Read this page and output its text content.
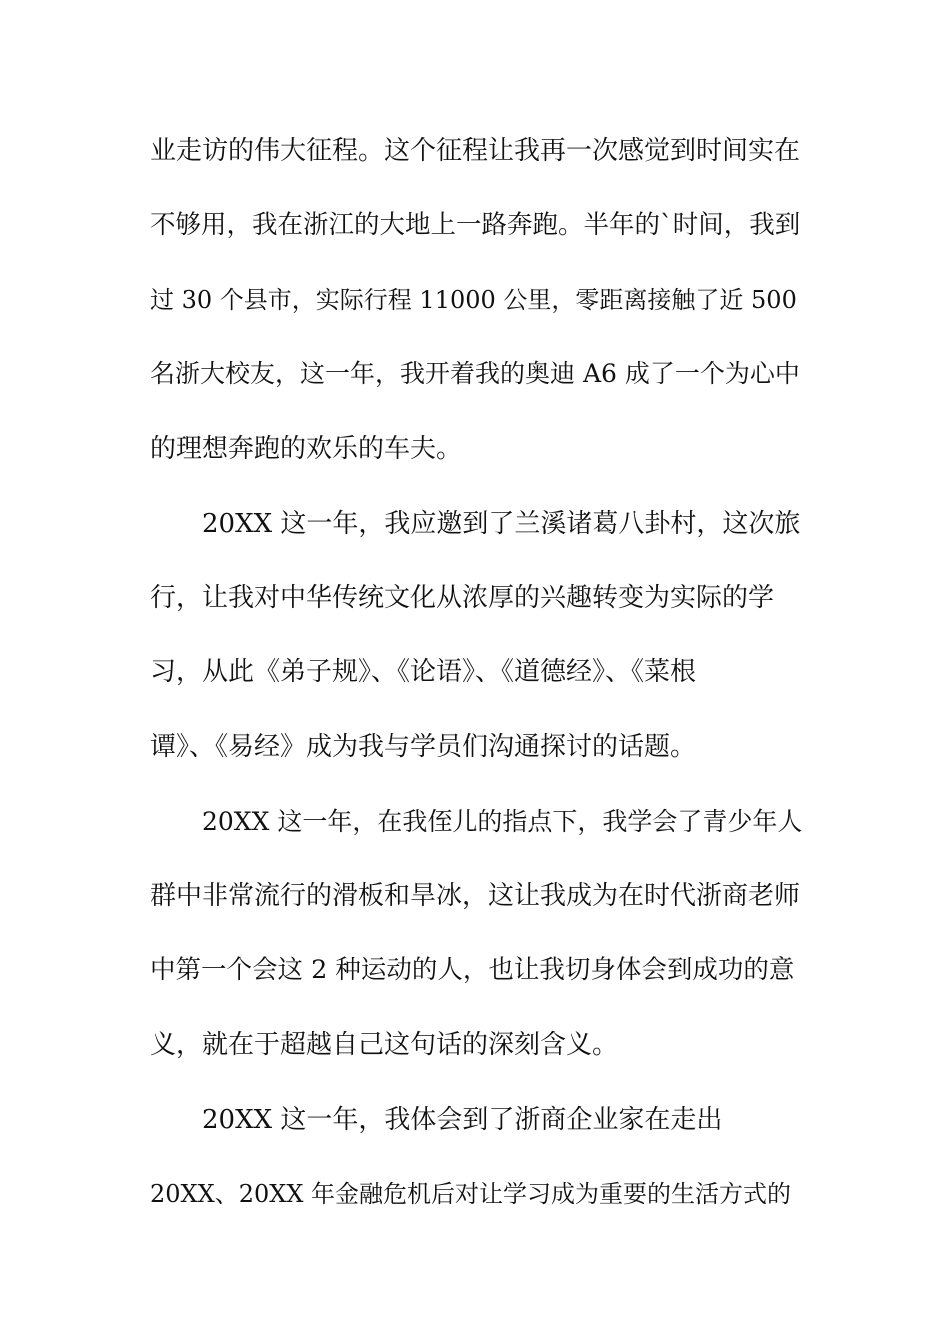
业走访的伟大征程。这个征程让我再一次感觉到时间实在
不够用，我在浙江的大地上一路奔跑。半年的`时间，我到
过 30 个县市，实际行程 11000 公里，零距离接触了近 500
名浙大校友，这一年，我开着我的奥迪 A6 成了一个为心中
的理想奔跑的欢乐的车夫。
20XX 这一年，我应邀到了兰溪诸葛八卦村，这次旅
行，让我对中华传统文化从浓厚的兴趣转变为实际的学
习，从此《弟子规》、《论语》、《道德经》、《菜根
谭》、《易经》成为我与学员们沟通探讨的话题。
20XX 这一年，在我侄儿的指点下，我学会了青少年人
群中非常流行的滑板和旱冰，这让我成为在时代浙商老师
中第一个会这 2 种运动的人，也让我切身体会到成功的意
义，就在于超越自己这句话的深刻含义。
20XX 这一年，我体会到了浙商企业家在走出
20XX、20XX 年金融危机后对让学习成为重要的生活方式的
